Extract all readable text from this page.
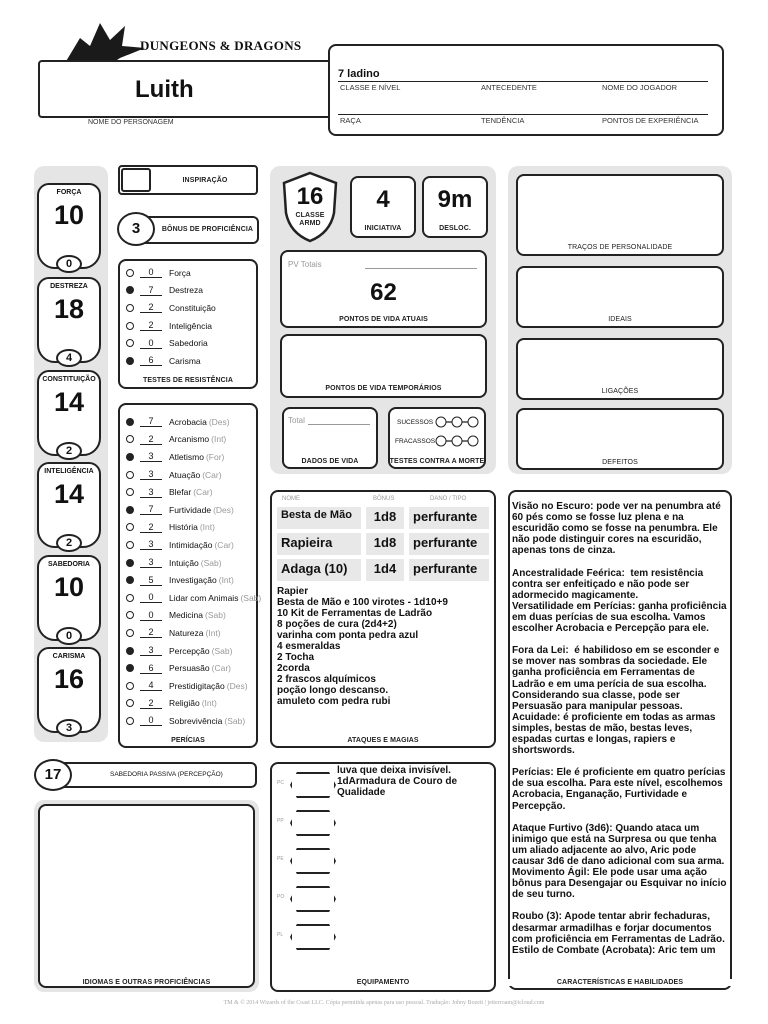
DUNGEONS & DRAGONS
Luith
NOME DO PERSONAGEM
7 ladino
CLASSE E NÍVEL	ANTECEDENTE	NOME DO JOGADOR
RAÇA	TENDÊNCIA	PONTOS DE EXPERIÊNCIA
FORÇA
10
0
DESTREZA
18
4
CONSTITUIÇÃO
14
2
INTELIGÊNCIA
14
2
SABEDORIA
10
0
CARISMA
16
3
INSPIRAÇÃO
3	BÔNUS DE PROFICIÊNCIA
0	Força
7	Destreza
2	Constituição
2	Inteligência
0	Sabedoria
6	Carisma
TESTES DE RESISTÊNCIA
7	Acrobacia (Des)
2	Arcanismo (Int)
3	Atletismo (For)
3	Atuação (Car)
3	Blefar (Car)
7	Furtividade (Des)
2	História (Int)
3	Intimidação (Car)
3	Intuição (Sab)
5	Investigação (Int)
0	Lidar com Animais (Sab)
0	Medicina (Sab)
2	Natureza (Int)
3	Percepção (Sab)
6	Persuasão (Car)
4	Prestidigitação (Des)
2	Religião (Int)
0	Sobrevivência (Sab)
PERÍCIAS
17	SABEDORIA PASSIVA (PERCEPÇÃO)
IDIOMAS E OUTRAS PROFICIÊNCIAS
16
CLASSE ARMD
4
INICIATIVA
9m
DESLOC.
PV Totais
62
PONTOS DE VIDA ATUAIS
PONTOS DE VIDA TEMPORÁRIOS
Total
DADOS DE VIDA
SUCESSOS
FRACASSOS
TESTES CONTRA A MORTE
NOME	BÔNUS	DANO / TIPO
Besta de Mão	1d8	perfurante
Rapieira	1d8	perfurante
Adaga (10)	1d4	perfurante
Rapier
Besta de Mão e 100 virotes - 1d10+9
10 Kit de Ferramentas de Ladrão
8 poções de cura (2d4+2)
varinha com ponta pedra azul
4 esmeraldas
2 Tocha
2corda
2 frascos alquímicos
poção longo descanso.
amuleto com pedra rubi
ATAQUES E MAGIAS
PC
PP
PE
PO
PL
luva que deixa invisível.
1dArmadura de Couro de
Qualidade
EQUIPAMENTO
TRAÇOS DE PERSONALIDADE
IDEAIS
LIGAÇÕES
DEFEITOS
Visão no Escuro: pode ver na penumbra até 60 pés como se fosse luz plena e na escuridão como se fosse na penumbra. Ele não pode distinguir cores na escuridão, apenas tons de cinza.

Ancestralidade Feérica:  tem resistência contra ser enfeitiçado e não pode ser adormecido magicamente.
Versatilidade em Perícias: ganha proficiência em duas perícias de sua escolha. Vamos escolher Acrobacia e Percepção para ele.

Fora da Lei:  é habilidoso em se esconder e se mover nas sombras da sociedade. Ele ganha proficiência em Ferramentas de Ladrão e em uma perícia de sua escolha. Considerando sua classe, pode ser Persuasão para manipular pessoas.
Acuidade: é proficiente em todas as armas simples, bestas de mão, bestas leves, espadas curtas e longas, rapiers e shortswords.

Perícias: Ele é proficiente em quatro perícias de sua escolha. Para este nível, escolhemos Acrobacia, Enganação, Furtividade e Percepção.

Ataque Furtivo (3d6): Quando ataca um inimigo que está na Surpresa ou que tenha um aliado adjacente ao alvo, Aric pode causar 3d6 de dano adicional com sua arma.
Movimento Ágil: Ele pode usar uma ação bônus para Desengajar ou Esquivar no início de seu turno.

Roubo (3): Apode tentar abrir fechaduras, desarmar armadilhas e forjar documentos com proficiência em Ferramentas de Ladrão.
Estilo de Combate (Acrobata): Aric tem um
CARACTERÍSTICAS E HABILIDADES
TM & © 2014 Wizards of the Coast LLC. Cópia permitida apenas para uso pessoal. Tradução: Johny Bozett | jetterroam@icloud.com
